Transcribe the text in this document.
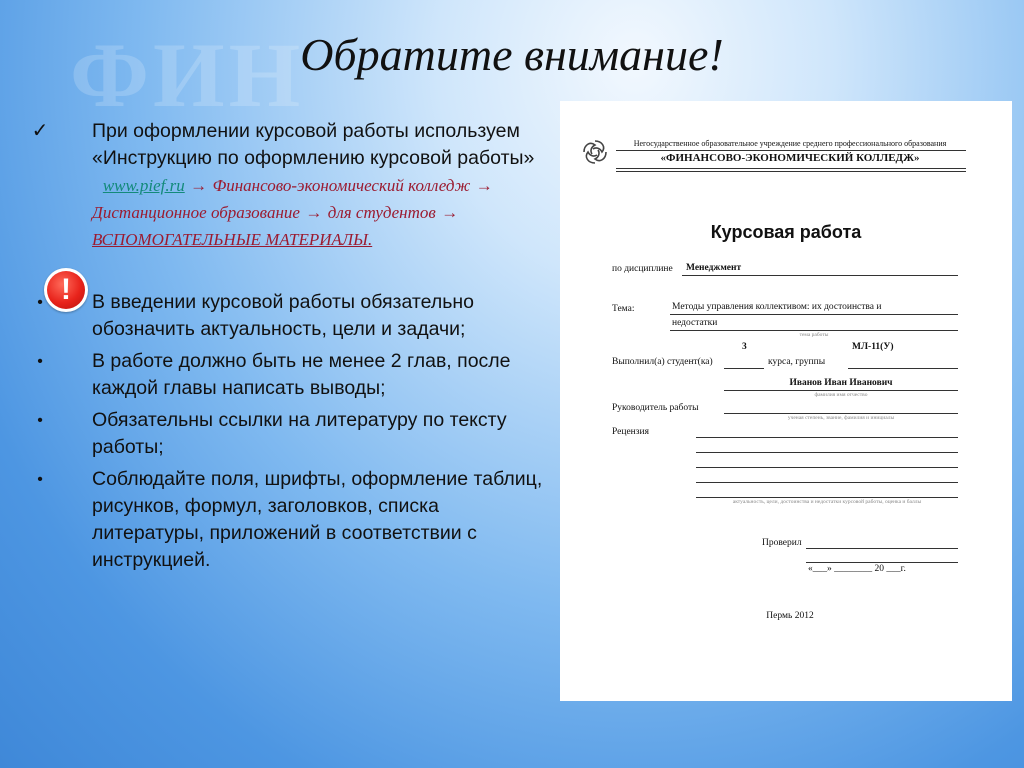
ФИН
Обратите внимание!
✓ При оформлении курсовой работы используем «Инструкцию по оформлению курсовой работы»   www.pief.ru → Финансово-экономический колледж → Дистанционное образование → для студентов → ВСПОМОГАТЕЛЬНЫЕ МАТЕРИАЛЫ.
!
•	В введении курсовой работы обязательно обозначить актуальность, цели и задачи;
•	В работе должно быть не менее 2 глав, после каждой главы написать выводы;
•	Обязательны ссылки на литературу по тексту работы;
•	Соблюдайте поля, шрифты, оформление таблиц, рисунков, формул, заголовков, списка литературы, приложений в соответствии с инструкцией.
Негосударственное образовательное учреждение среднего профессионального образования
«ФИНАНСОВО-ЭКОНОМИЧЕСКИЙ КОЛЛЕДЖ»
Курсовая работа
по дисциплине Менеджмент
Тема:	Методы управления коллективом: их достоинства и
недостатки
тема работы
3	МЛ-11(У)
Выполнил(а) студент(ка)	курса, группы
Иванов Иван Иванович
фамилия имя отчество
Руководитель работы
ученая степень, звание, фамилия и инициалы
Рецензия
актуальность, цели, достоинства и недостатки курсовой работы, оценка и баллы
Проверил
«___» ________ 20 ___г.
Пермь 2012
